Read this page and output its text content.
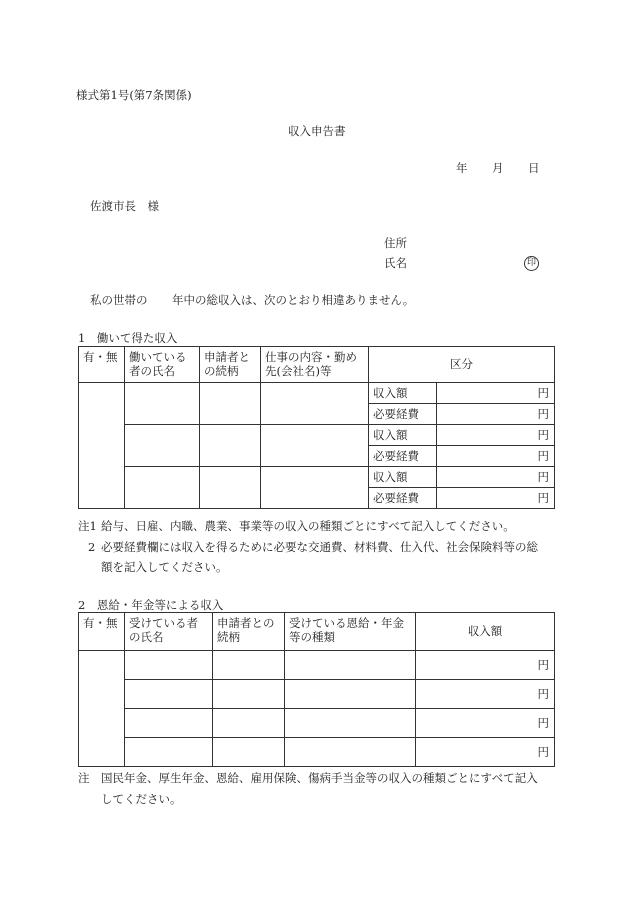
様式第1号(第7条関係)
収入申告書
年 月 日
佐渡市長　様
住所
氏名	印
私の世帯の 年中の総収入は、次のとおり相違ありません。
1　働いて得た収入
有・無	働いている者の氏名	申請者との続柄	仕事の内容・勤め先(会社名)等	区分	
				収入額	円
				必要経費	円
				収入額	円
				必要経費	円
				収入額	円
				必要経費	円
注1 給与、日雇、内職、農業、事業等の収入の種類ごとにすべて記入してください。
2 必要経費欄には収入を得るために必要な交通費、材料費、仕入代、社会保険料等の総
額を記入してください。
2　恩給・年金等による収入
有・無	受けている者の氏名	申請者との続柄	受けている恩給・年金等の種類	収入額
				円
				円
				円
				円
注 国民年金、厚生年金、恩給、雇用保険、傷病手当金等の収入の種類ごとにすべて記入
してください。
